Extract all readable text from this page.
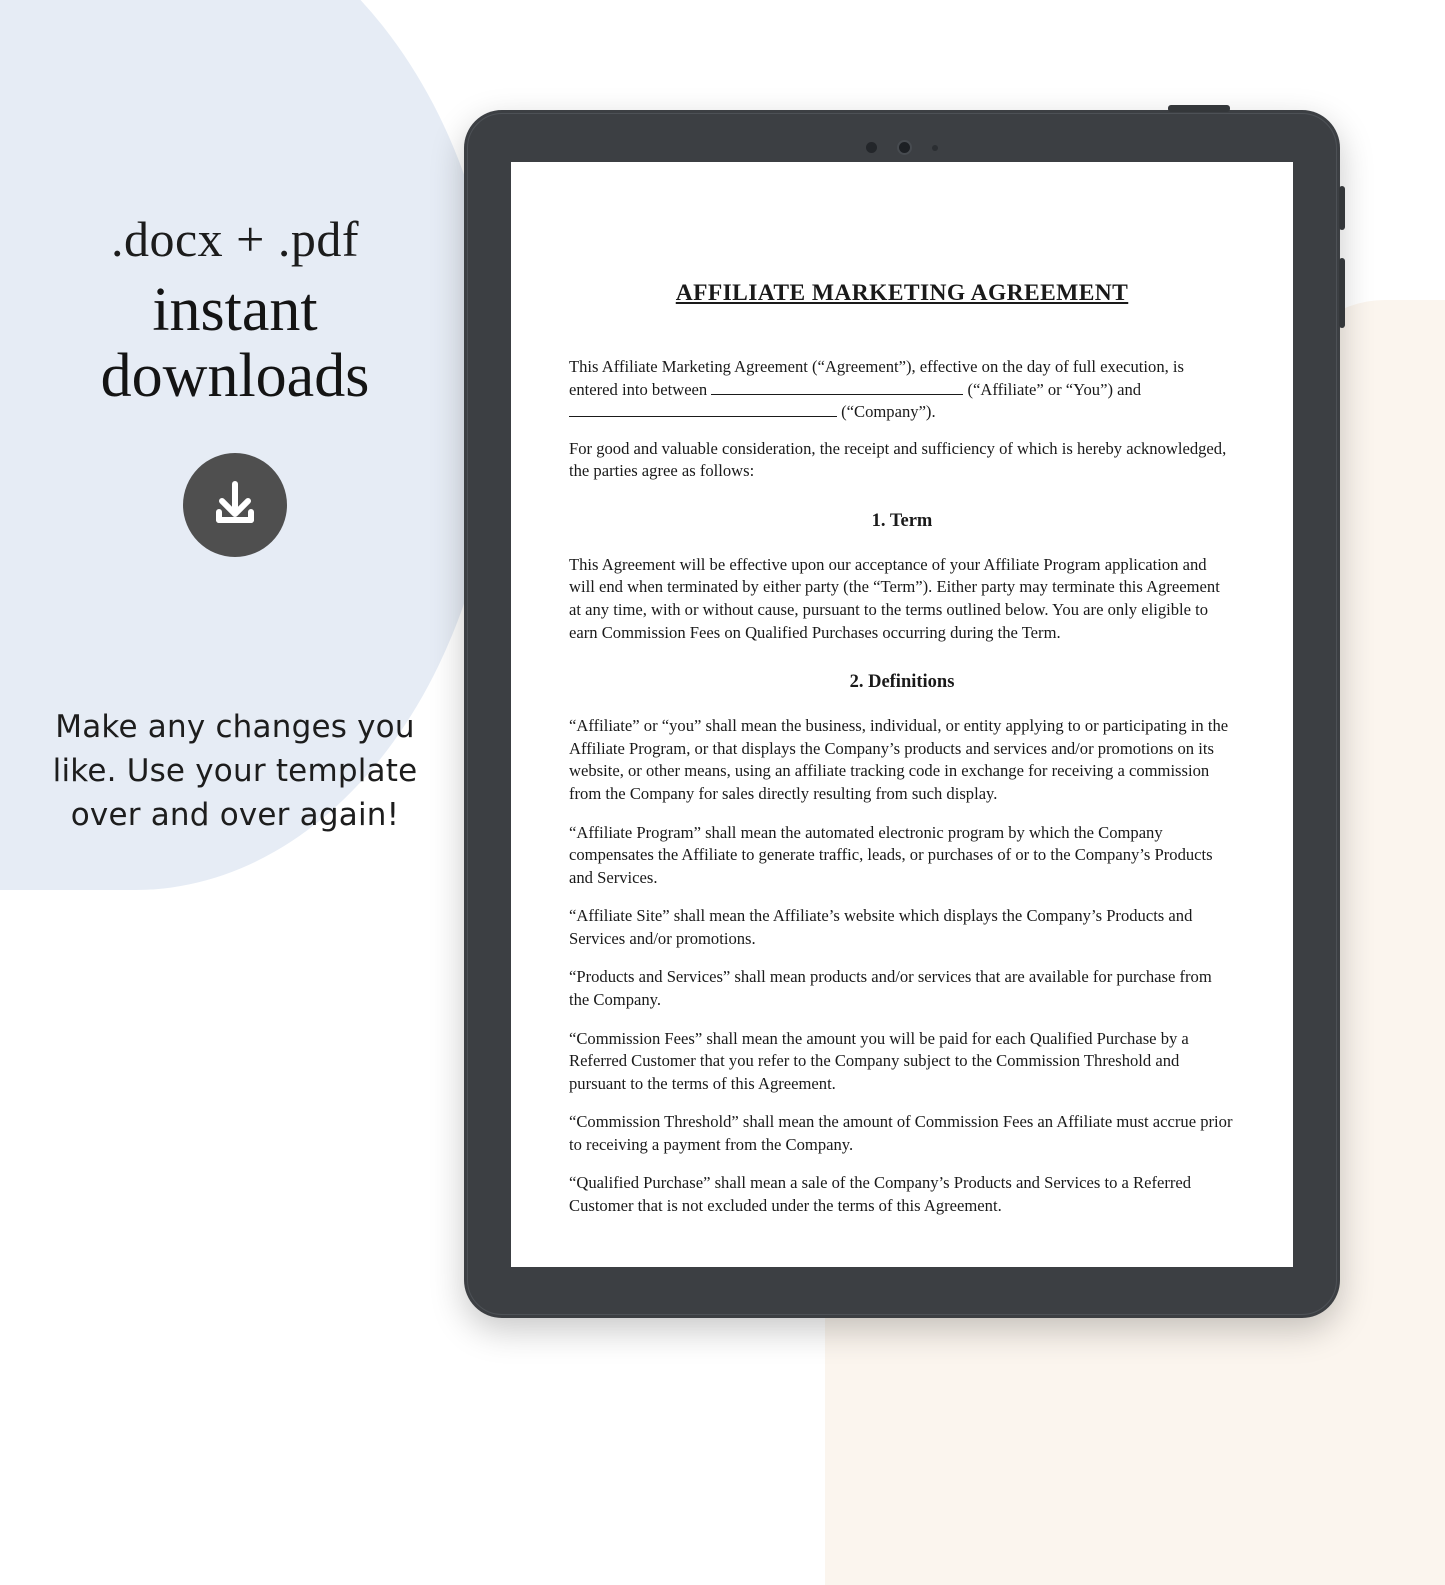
.docx + .pdf
instant
downloads
Make any changes you like. Use your template over and over again!
AFFILIATE MARKETING AGREEMENT

This Affiliate Marketing Agreement (“Agreement”), effective on the day of full execution, is entered into between	(“Affiliate” or “You”) and  (“Company”).

For good and valuable consideration, the receipt and sufficiency of which is hereby acknowledged, the parties agree as follows:

1. Term

This Agreement will be effective upon our acceptance of your Affiliate Program application and will end when terminated by either party (the “Term”). Either party may terminate this Agreement at any time, with or without cause, pursuant to the terms outlined below. You are only eligible to earn Commission Fees on Qualified Purchases occurring during the Term.

2. Definitions

“Affiliate” or “you” shall mean the business, individual, or entity applying to or participating in the Affiliate Program, or that displays the Company’s products and services and/or promotions on its website, or other means, using an affiliate tracking code in exchange for receiving a commission from the Company for sales directly resulting from such display.

“Affiliate Program” shall mean the automated electronic program by which the Company compensates the Affiliate to generate traffic, leads, or purchases of or to the Company’s Products and Services.

“Affiliate Site” shall mean the Affiliate’s website which displays the Company’s Products and Services and/or promotions.

“Products and Services” shall mean products and/or services that are available for purchase from the Company.

“Commission Fees” shall mean the amount you will be paid for each Qualified Purchase by a Referred Customer that you refer to the Company subject to the Commission Threshold and pursuant to the terms of this Agreement.

“Commission Threshold” shall mean the amount of Commission Fees an Affiliate must accrue prior to receiving a payment from the Company.

“Qualified Purchase” shall mean a sale of the Company’s Products and Services to a Referred Customer that is not excluded under the terms of this Agreement.
